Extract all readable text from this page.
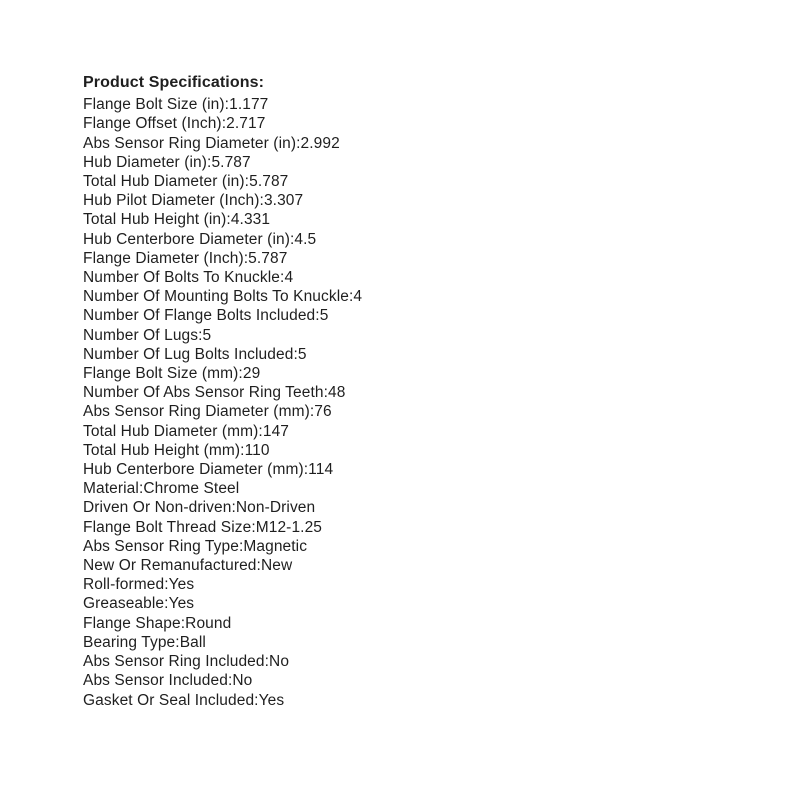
Product Specifications:

Flange Bolt Size (in):1.177
Flange Offset (Inch):2.717
Abs Sensor Ring Diameter (in):2.992
Hub Diameter (in):5.787
Total Hub Diameter (in):5.787
Hub Pilot Diameter (Inch):3.307
Total Hub Height (in):4.331
Hub Centerbore Diameter (in):4.5
Flange Diameter (Inch):5.787
Number Of Bolts To Knuckle:4
Number Of Mounting Bolts To Knuckle:4
Number Of Flange Bolts Included:5
Number Of Lugs:5
Number Of Lug Bolts Included:5
Flange Bolt Size (mm):29
Number Of Abs Sensor Ring Teeth:48
Abs Sensor Ring Diameter (mm):76
Total Hub Diameter (mm):147
Total Hub Height (mm):110
Hub Centerbore Diameter (mm):114
Material:Chrome Steel
Driven Or Non-driven:Non-Driven
Flange Bolt Thread Size:M12-1.25
Abs Sensor Ring Type:Magnetic
New Or Remanufactured:New
Roll-formed:Yes
Greaseable:Yes
Flange Shape:Round
Bearing Type:Ball
Abs Sensor Ring Included:No
Abs Sensor Included:No
Gasket Or Seal Included:Yes
